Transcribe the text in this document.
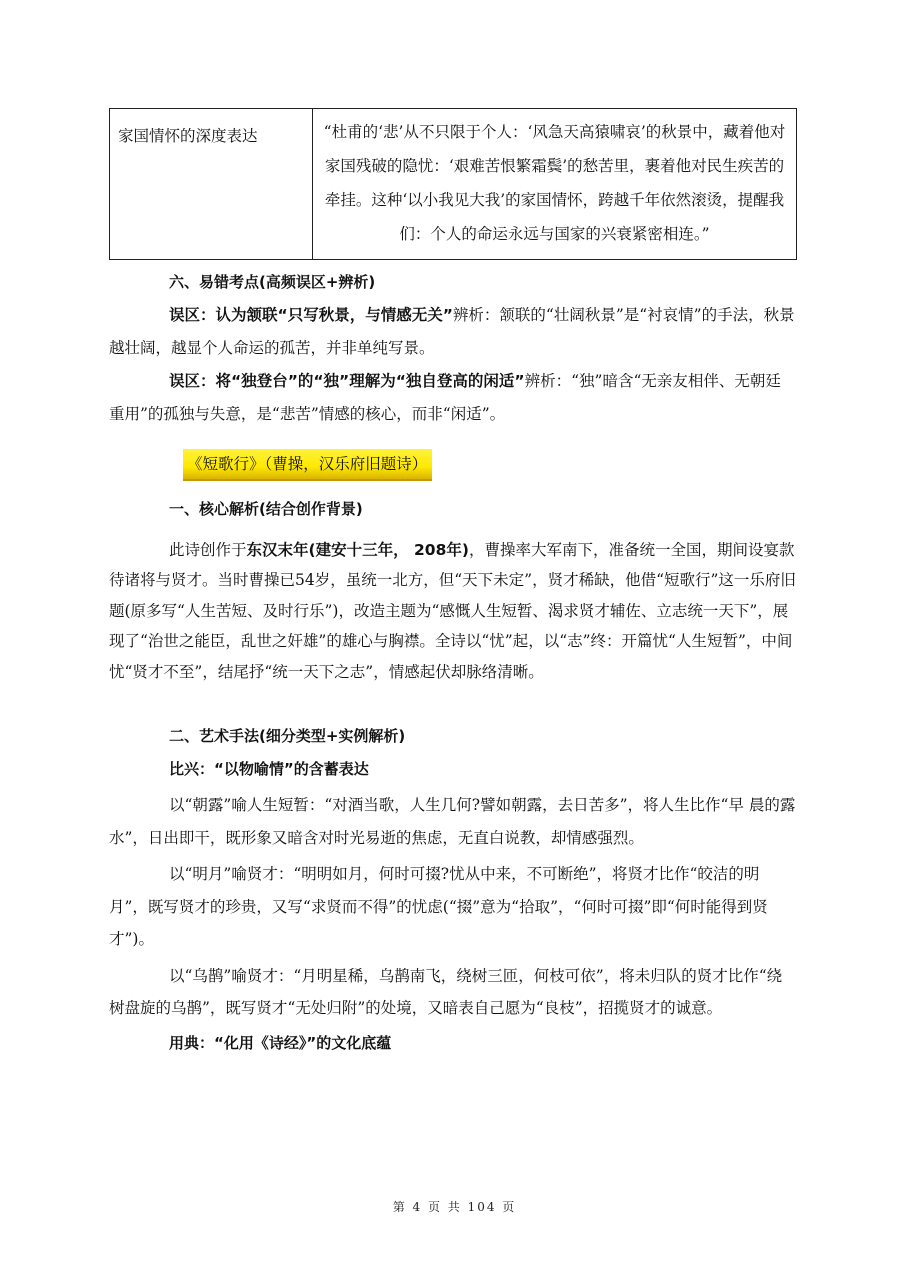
家国情怀的深度表达	“杜甫的‘悲’从不只限于个人：‘风急天高猿啸哀’的秋景中，藏着他对家国残破的隐忧：‘艰难苦恨繁霜鬓’的愁苦里，裹着他对民生疾苦的牵挂。这种‘以小我见大我’的家国情怀，跨越千年依然滚烫，提醒我们：个人的命运永远与国家的兴衰紧密相连。”

六、易错考点(高频误区+辨析)

误区：认为颔联“只写秋景，与情感无关”辨析：颔联的“壮阔秋景”是“衬哀情”的手法，秋景越壮阔，越显个人命运的孤苦，并非单纯写景。

误区：将“独登台”的“独”理解为“独自登高的闲适”辨析：“独”暗含“无亲友相伴、无朝廷重用”的孤独与失意，是“悲苦”情感的核心，而非“闲适”。

《短歌行》（曹操，汉乐府旧题诗）

一、核心解析(结合创作背景)

此诗创作于东汉末年(建安十三年， 208年)，曹操率大军南下，准备统一全国，期间设宴款待诸将与贤才。当时曹操已54岁，虽统一北方，但“天下未定”，贤才稀缺，他借“短歌行”这一乐府旧题(原多写“人生苦短、及时行乐”)，改造主题为“感慨人生短暂、渴求贤才辅佐、立志统一天下”，展现了“治世之能臣，乱世之奸雄”的雄心与胸襟。全诗以“忧”起，以“志”终：开篇忧“人生短暂”，中间忧“贤才不至”，结尾抒“统一天下之志”，情感起伏却脉络清晰。

二、艺术手法(细分类型+实例解析)

比兴：“以物喻情”的含蓄表达

以“朝露”喻人生短暂：“对酒当歌，人生几何?譬如朝露，去日苦多”，将人生比作“早 晨的露水”，日出即干，既形象又暗含对时光易逝的焦虑，无直白说教，却情感强烈。

以“明月”喻贤才：“明明如月，何时可掇?忧从中来，不可断绝”，将贤才比作“皎洁的明月”，既写贤才的珍贵，又写“求贤而不得”的忧虑(“掇”意为“拾取”，“何时可掇”即“何时能得到贤才”)。

以“乌鹊”喻贤才：“月明星稀，乌鹊南飞，绕树三匝，何枝可依”，将未归队的贤才比作“绕树盘旋的乌鹊”，既写贤才“无处归附”的处境，又暗表自己愿为“良枝”，招揽贤才的诚意。

用典：“化用《诗经》”的文化底蕴

第 4 页 共 104 页
